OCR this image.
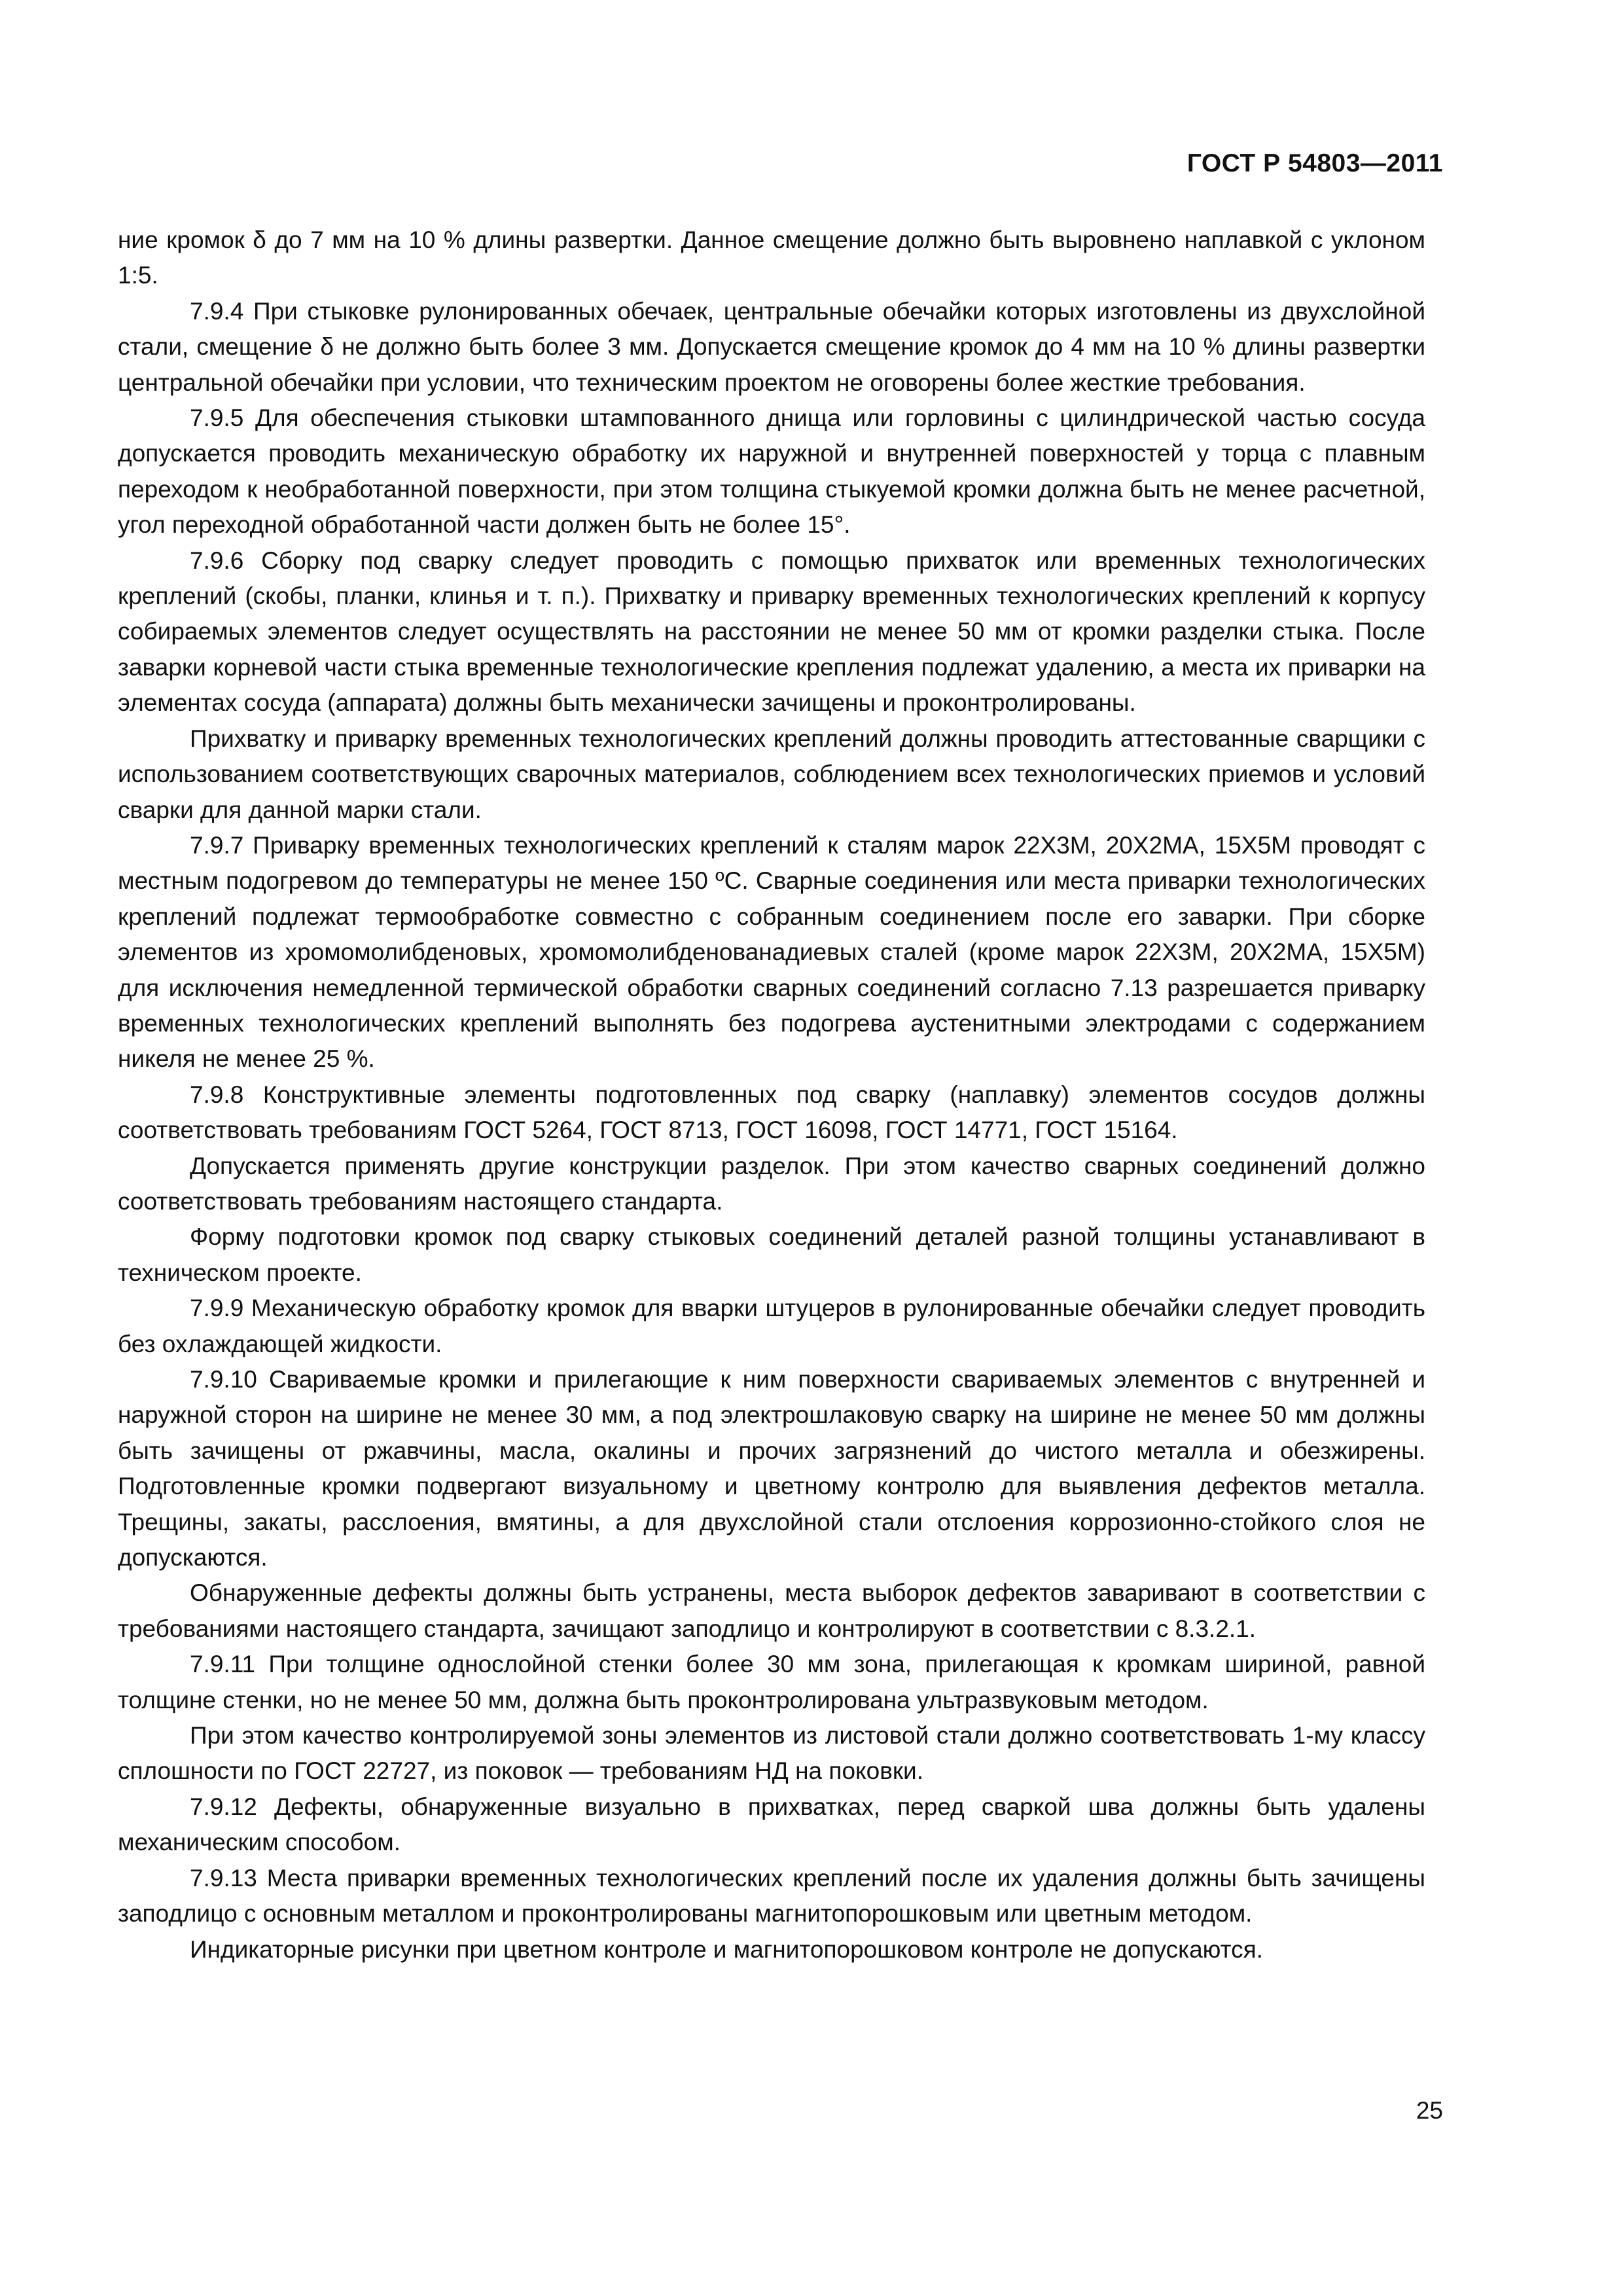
ГОСТ Р 54803—2011

ние кромок δ до 7 мм на 10 % длины развертки. Данное смещение должно быть выровнено наплавкой с уклоном 1:5.

7.9.4 При стыковке рулонированных обечаек, центральные обечайки которых изготовлены из двухслойной стали, смещение δ не должно быть более 3 мм. Допускается смещение кромок до 4 мм на 10 % длины развертки центральной обечайки при условии, что техническим проектом не оговорены более жесткие требования.

7.9.5 Для обеспечения стыковки штампованного днища или горловины с цилиндрической частью сосуда допускается проводить механическую обработку их наружной и внутренней поверхностей у торца с плавным переходом к необработанной поверхности, при этом толщина стыкуемой кромки должна быть не менее расчетной, угол переходной обработанной части должен быть не более 15°.

7.9.6 Сборку под сварку следует проводить с помощью прихваток или временных технологических креплений (скобы, планки, клинья и т. п.). Прихватку и приварку временных технологических креплений к корпусу собираемых элементов следует осуществлять на расстоянии не менее 50 мм от кромки разделки стыка. После заварки корневой части стыка временные технологические крепления подлежат удалению, а места их приварки на элементах сосуда (аппарата) должны быть механически зачищены и проконтролированы.

Прихватку и приварку временных технологических креплений должны проводить аттестованные сварщики с использованием соответствующих сварочных материалов, соблюдением всех технологических приемов и условий сварки для данной марки стали.

7.9.7 Приварку временных технологических креплений к сталям марок 22Х3М, 20Х2МА, 15Х5М проводят с местным подогревом до температуры не менее 150 ºС. Сварные соединения или места приварки технологических креплений подлежат термообработке совместно с собранным соединением после его заварки. При сборке элементов из хромомолибденовых, хромомолибденованадиевых сталей (кроме марок 22Х3М, 20Х2МА, 15Х5М) для исключения немедленной термической обработки сварных соединений согласно 7.13 разрешается приварку временных технологических креплений выполнять без подогрева аустенитными электродами с содержанием никеля не менее 25 %.

7.9.8 Конструктивные элементы подготовленных под сварку (наплавку) элементов сосудов должны соответствовать требованиям ГОСТ 5264, ГОСТ 8713, ГОСТ 16098, ГОСТ 14771, ГОСТ 15164.

Допускается применять другие конструкции разделок. При этом качество сварных соединений должно соответствовать требованиям настоящего стандарта.

Форму подготовки кромок под сварку стыковых соединений деталей разной толщины устанавливают в техническом проекте.

7.9.9 Механическую обработку кромок для вварки штуцеров в рулонированные обечайки следует проводить без охлаждающей жидкости.

7.9.10 Свариваемые кромки и прилегающие к ним поверхности свариваемых элементов с внутренней и наружной сторон на ширине не менее 30 мм, а под электрошлаковую сварку на ширине не менее 50 мм должны быть зачищены от ржавчины, масла, окалины и прочих загрязнений до чистого металла и обезжирены. Подготовленные кромки подвергают визуальному и цветному контролю для выявления дефектов металла. Трещины, закаты, расслоения, вмятины, а для двухслойной стали отслоения коррозионно-стойкого слоя не допускаются.

Обнаруженные дефекты должны быть устранены, места выборок дефектов заваривают в соответствии с требованиями настоящего стандарта, зачищают заподлицо и контролируют в соответствии с 8.3.2.1.

7.9.11 При толщине однослойной стенки более 30 мм зона, прилегающая к кромкам шириной, равной толщине стенки, но не менее 50 мм, должна быть проконтролирована ультразвуковым методом.

При этом качество контролируемой зоны элементов из листовой стали должно соответствовать 1-му классу сплошности по ГОСТ 22727, из поковок — требованиям НД на поковки.

7.9.12 Дефекты, обнаруженные визуально в прихватках, перед сваркой шва должны быть удалены механическим способом.

7.9.13 Места приварки временных технологических креплений после их удаления должны быть зачищены заподлицо с основным металлом и проконтролированы магнитопорошковым или цветным методом.

Индикаторные рисунки при цветном контроле и магнитопорошковом контроле не допускаются.

25
